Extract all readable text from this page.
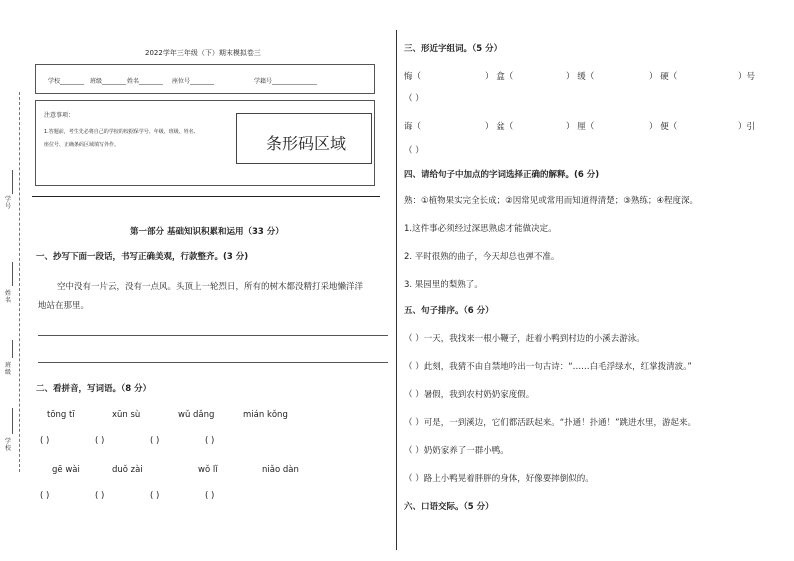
学号
姓名
班级
学校
2022学年三年级（下）期末模拟卷三
学校________ 班级________ 姓名________ 座位号________	学籍号_______________
注意事项：
1.答题前，考生先必将自己的学校的校据保学号、年级、班级、姓名、
座位号、正确条码区域填写外作。	条形码区域
第一部分 基础知识积累和运用（33 分）
一、抄写下面一段话，书写正确美观，行款整齐。(3 分)
空中没有一片云，没有一点风。头顶上一轮烈日，所有的树木都没精打采地懒洋洋
地站在那里。
二、看拼音，写词语。（8 分）
tōng tī	xūn sù	wǔ dǎng	mián kǒng
( )	( )	( )	( )
gē wài	duǒ zài	wǒ lǐ	niǎo dàn
( )	( )	( )	( )
三、形近字组词。（5 分）
悔（	） 盒（	） 缓（	） 硬（	）号
（ ）
诲（	） 盆（	） 厘（	） 便（	）引
（ ）
四、请给句子中加点的字词选择正确的解释。(6 分)
熟：①植物果实完全长成；②因常见或常用而知道得清楚；③熟练；④程度深。
1.这件事必须经过深思熟虑才能做决定。
2. 平时很熟的曲子，今天却总也弹不准。
3. 果园里的梨熟了。
五、句子排序。（6 分）
（ ）一天，我找来一根小鞭子，赶着小鸭到村边的小溪去游泳。
（ ）此刻，我猜不由自禁地吟出一句古诗：“……白毛浮绿水，红掌拨清波。”
（ ）暑假，我到农村奶奶家度假。
（ ）可是，一到溪边，它们都活跃起来。“扑通！扑通！”跳进水里，游起来。
（ ）奶奶家养了一群小鸭。
（ ）路上小鸭晃着胖胖的身体，好像要摔倒似的。
六、口语交际。（5 分）
